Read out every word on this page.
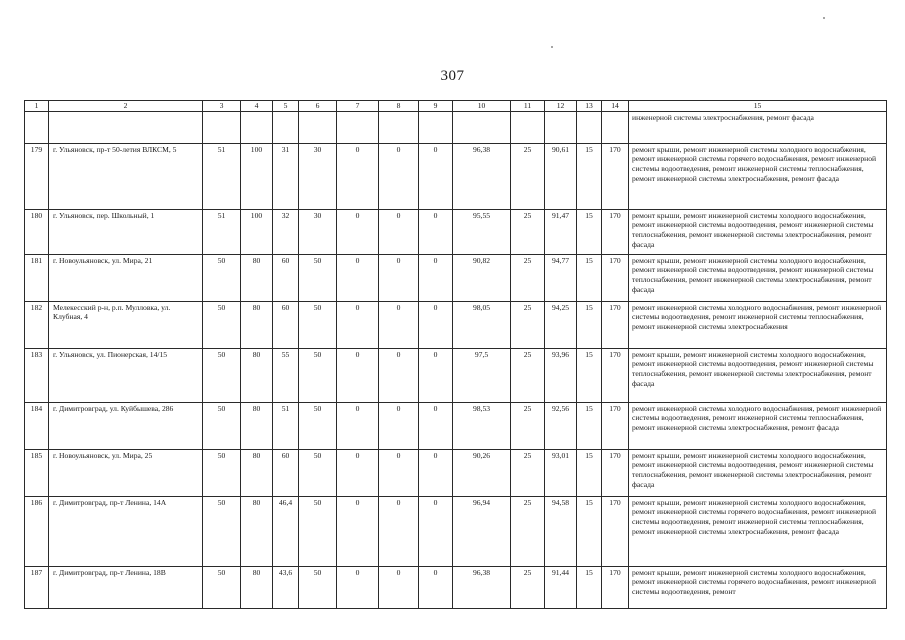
307
1	2	3	4	5	6	7	8	9	10	11	12	13	14	15
														инженерной системы электроснабжения, ремонт фасада
179	г. Ульяновск, пр-т 50-летия ВЛКСМ, 5	51	100	31	30	0	0	0	96,38	25	90,61	15	170	ремонт крыши, ремонт инженерной системы холодного водоснабжения, ремонт инженерной системы горячего водоснабжения, ремонт инженерной системы водоотведения, ремонт инженерной системы теплоснабжения, ремонт инженерной системы электроснабжения, ремонт фасада
180	г. Ульяновск, пер. Школьный, 1	51	100	32	30	0	0	0	95,55	25	91,47	15	170	ремонт крыши, ремонт инженерной системы холодного водоснабжения, ремонт инженерной системы водоотведения, ремонт инженерной системы теплоснабжения, ремонт инженерной системы электроснабжения, ремонт фасада
181	г. Новоульяновск, ул. Мира, 21	50	80	60	50	0	0	0	90,82	25	94,77	15	170	ремонт крыши, ремонт инженерной системы холодного водоснабжения, ремонт инженерной системы водоотведения, ремонт инженерной системы теплоснабжения, ремонт инженерной системы электроснабжения, ремонт фасада
182	Мелекесский р-н, р.п. Мулловка, ул. Клубная, 4	50	80	60	50	0	0	0	98,05	25	94,25	15	170	ремонт инженерной системы холодного водоснабжения, ремонт инженерной системы водоотведения, ремонт инженерной системы теплоснабжения, ремонт инженерной системы электроснабжения
183	г. Ульяновск, ул. Пионерская, 14/15	50	80	55	50	0	0	0	97,5	25	93,96	15	170	ремонт крыши, ремонт инженерной системы холодного водоснабжения, ремонт инженерной системы водоотведения, ремонт инженерной системы теплоснабжения, ремонт инженерной системы электроснабжения, ремонт фасада
184	г. Димитровград, ул. Куйбышева, 286	50	80	51	50	0	0	0	98,53	25	92,56	15	170	ремонт инженерной системы холодного водоснабжения, ремонт инженерной системы водоотведения, ремонт инженерной системы теплоснабжения, ремонт инженерной системы электроснабжения, ремонт фасада
185	г. Новоульяновск, ул. Мира, 25	50	80	60	50	0	0	0	90,26	25	93,01	15	170	ремонт крыши, ремонт инженерной системы холодного водоснабжения, ремонт инженерной системы водоотведения, ремонт инженерной системы теплоснабжения, ремонт инженерной системы электроснабжения, ремонт фасада
186	г. Димитровград, пр-т Ленина, 14А	50	80	46,4	50	0	0	0	96,94	25	94,58	15	170	ремонт крыши, ремонт инженерной системы холодного водоснабжения, ремонт инженерной системы горячего водоснабжения, ремонт инженерной системы водоотведения, ремонт инженерной системы теплоснабжения, ремонт инженерной системы электроснабжения, ремонт фасада
187	г. Димитровград, пр-т Ленина, 18В	50	80	43,6	50	0	0	0	96,38	25	91,44	15	170	ремонт крыши, ремонт инженерной системы холодного водоснабжения, ремонт инженерной системы горячего водоснабжения, ремонт инженерной системы водоотведения, ремонт
